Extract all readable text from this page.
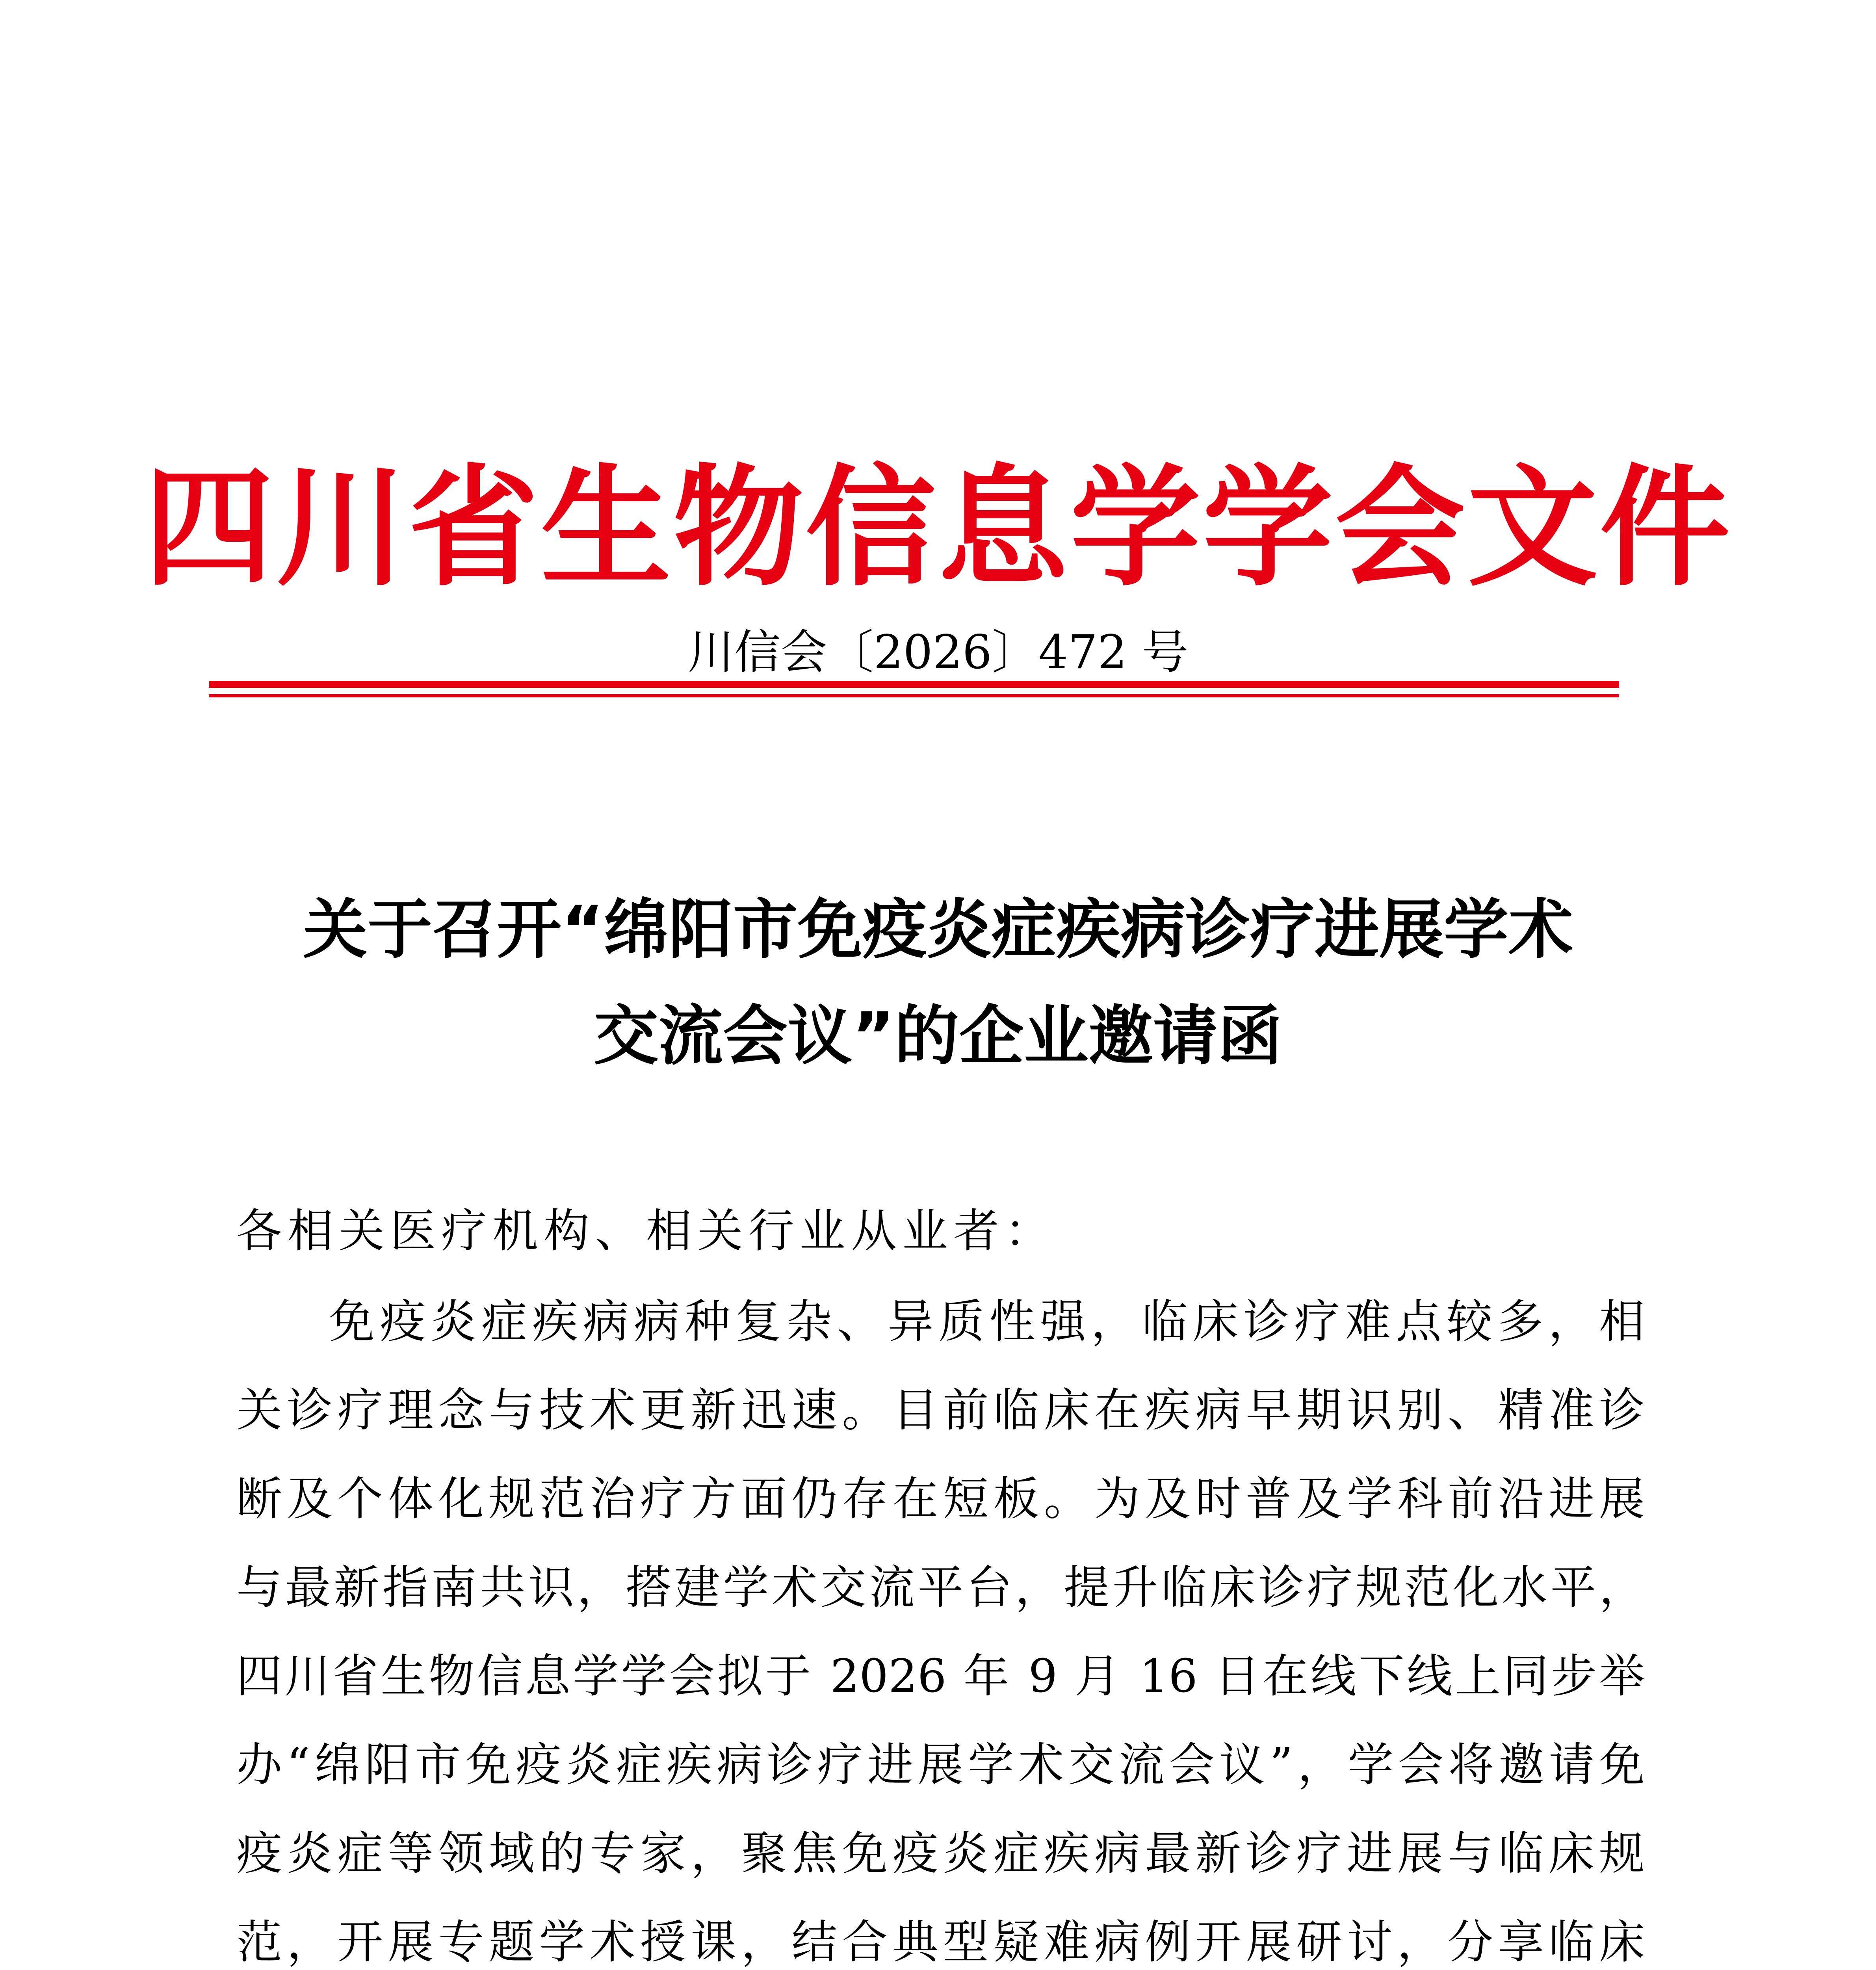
四川省生物信息学学会文件
川信会〔2026〕472 号
关于召开“绵阳市免疫炎症疾病诊疗进展学术
交流会议”的企业邀请函
各相关医疗机构、相关行业从业者：
免疫炎症疾病病种复杂、异质性强，临床诊疗难点较多，相
关诊疗理念与技术更新迅速。目前临床在疾病早期识别、精准诊
断及个体化规范治疗方面仍存在短板。为及时普及学科前沿进展
与最新指南共识，搭建学术交流平台，提升临床诊疗规范化水平，
四川省生物信息学学会拟于 2026 年 9 月 16 日在线下线上同步举
办“绵阳市免疫炎症疾病诊疗进展学术交流会议”，学会将邀请免
疫炎症等领域的专家，聚焦免疫炎症疾病最新诊疗进展与临床规
范，开展专题学术授课，结合典型疑难病例开展研讨，分享临床
